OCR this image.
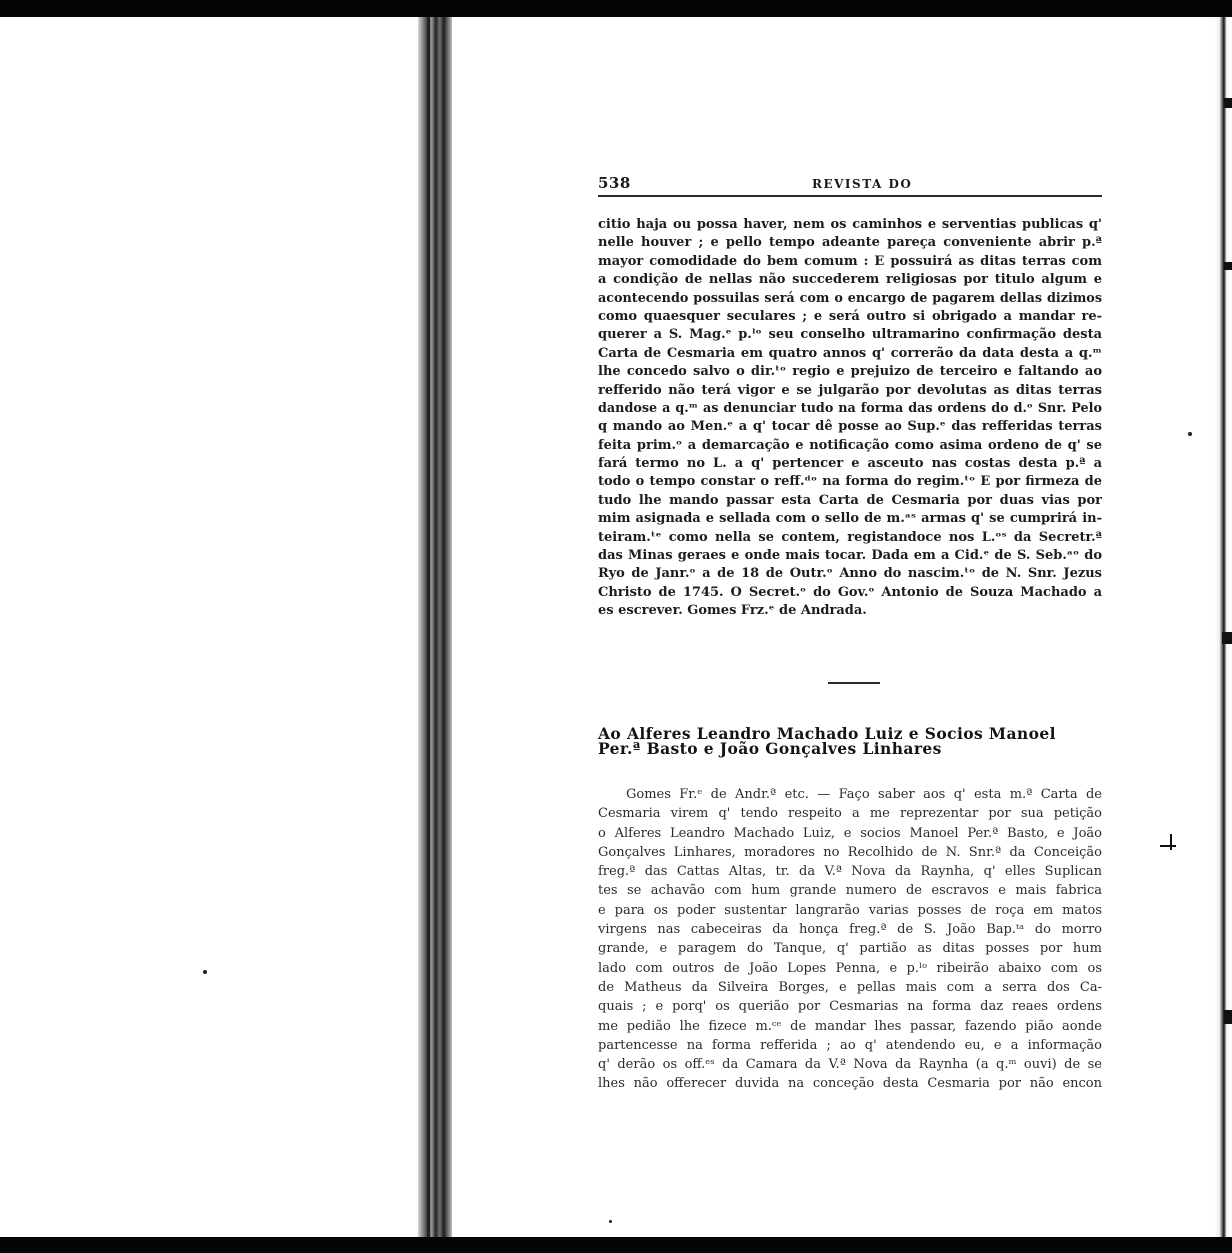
538	REVISTA DO
citio haja ou possa haver, nem os caminhos e serventias publicas q'
nelle houver ; e pello tempo adeante pareça conveniente abrir p.ª
mayor comodidade do bem comum : E possuirá as ditas terras com
a condição de nellas não succederem religiosas por titulo algum e
acontecendo possuilas será com o encargo de pagarem dellas dizimos
como quaesquer seculares ; e será outro si obrigado a mandar re-
querer a S. Mag.ᵉ p.ˡᵒ seu conselho ultramarino confirmação desta
Carta de Cesmaria em quatro annos q' correrão da data desta a q.ᵐ
lhe concedo salvo o dir.ᵗᵒ regio e prejuizo de terceiro e faltando ao
refferido não terá vigor e se julgarão por devolutas as ditas terras
dandose a q.ᵐ as denunciar tudo na forma das ordens do d.ᵒ Snr. Pelo
q mando ao Men.ᵉ a q' tocar dê posse ao Sup.ᵉ das refferidas terras
feita prim.ᵒ a demarcação e notificação como asima ordeno de q' se
fará termo no L. a q' pertencer e asceuto nas costas desta p.ª a
todo o tempo constar o reff.ᵈᵒ na forma do regim.ᵗᵒ E por firmeza de
tudo lhe mando passar esta Carta de Cesmaria por duas vias por
mim asignada e sellada com o sello de m.ᵃˢ armas q' se cumprirá in-
teiram.ᵗᵉ como nella se contem, registandoce nos L.ᵒˢ da Secretr.ª
das Minas geraes e onde mais tocar. Dada em a Cid.ᵉ de S. Seb.ᵃᵒ do
Ryo de Janr.ᵒ a de 18 de Outr.ᵒ Anno do nascim.ᵗᵒ de N. Snr. Jezus
Christo de 1745. O Secret.ᵒ do Gov.ᵒ Antonio de Souza Machado a
es escrever. Gomes Frz.ᵉ de Andrada.
Ao Alferes Leandro Machado Luiz e Socios Manoel
Per.ª Basto e João Gonçalves Linhares
Gomes Fr.ᵉ de Andr.ª etc. — Faço saber aos q' esta m.ª Carta de
Cesmaria virem q' tendo respeito a me reprezentar por sua petição
o Alferes Leandro Machado Luiz, e socios Manoel Per.ª Basto, e João
Gonçalves Linhares, moradores no Recolhido de N. Snr.ª da Conceição
freg.ª das Cattas Altas, tr. da V.ª Nova da Raynha, q' elles Suplican
tes se achavão com hum grande numero de escravos e mais fabrica
e para os poder sustentar langrarão varias posses de roça em matos
virgens nas cabeceiras da honça freg.ª de S. João Bap.ᵗᵃ do morro
grande, e paragem do Tanque, q' partião as ditas posses por hum
lado com outros de João Lopes Penna, e p.ˡᵒ ribeirão abaixo com os
de Matheus da Silveira Borges, e pellas mais com a serra dos Ca-
quais ; e porq' os querião por Cesmarias na forma daz reaes ordens
me pedião lhe fizece m.ᶜᵉ de mandar lhes passar, fazendo pião aonde
partencesse na forma refferida ; ao q' atendendo eu, e a informação
q' derão os off.ᵉˢ da Camara da V.ª Nova da Raynha (a q.ᵐ ouvi) de se
lhes não offerecer duvida na conceção desta Cesmaria por não encon
